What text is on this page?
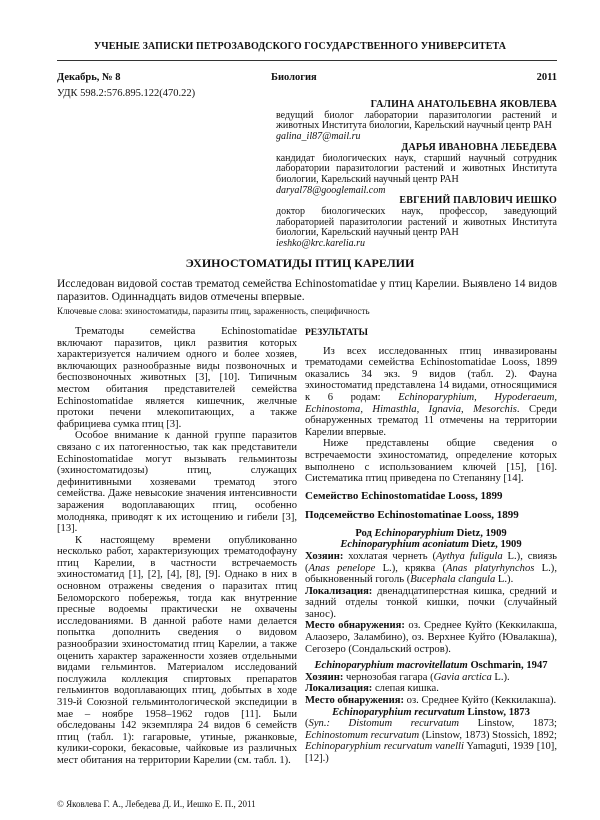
УЧЕНЫЕ ЗАПИСКИ ПЕТРОЗАВОДСКОГО ГОСУДАРСТВЕННОГО УНИВЕРСИТЕТА
Декабрь, № 8	Биология	2011
УДК 598.2:576.895.122(470.22)
ГАЛИНА АНАТОЛЬЕВНА ЯКОВЛЕВА
ведущий биолог лаборатории паразитологии растений и животных Института биологии, Карельский научный центр РАН
galina_il87@mail.ru
ДАРЬЯ ИВАНОВНА ЛЕБЕДЕВА
кандидат биологических наук, старший научный сотрудник лаборатории паразитологии растений и животных Института биологии, Карельский научный центр РАН
daryal78@googlemail.com
ЕВГЕНИЙ ПАВЛОВИЧ ИЕШКО
доктор биологических наук, профессор, заведующий лабораторией паразитологии растений и животных Института биологии, Карельский научный центр РАН
ieshko@krc.karelia.ru
ЭХИНОСТОМАТИДЫ ПТИЦ КАРЕЛИИ
Исследован видовой состав трематод семейства Echinostomatidae у птиц Карелии. Выявлено 14 видов паразитов. Одиннадцать видов отмечены впервые.
Ключевые слова: эхиностоматиды, паразиты птиц, зараженность, специфичность

Трематоды семейства Echinostomatidae включают паразитов, цикл развития которых характеризуется наличием одного и более хозяев, включающих разнообразные виды позвоночных и беспозвоночных животных [3], [10]. Типичным местом обитания представителей семейства Echinostomatidae является кишечник, желчные протоки печени млекопитающих, а также фабрициева сумка птиц [3].

Особое внимание к данной группе паразитов связано с их патогенностью, так как представители Echinostomatidae могут вызывать гельминтозы (эхиностоматидозы) птиц, служащих дефинитивными хозяевами трематод этого семейства. Даже невысокие значения интенсивности заражения водоплавающих птиц, особенно молодняка, приводят к их истощению и гибели [3], [13].

К настоящему времени опубликованно несколько работ, характеризующих трематодофауну птиц Карелии, в частности встречаемость эхиностоматид [1], [2], [4], [8], [9]. Однако в них в основном отражены сведения о паразитах птиц Беломорского побережья, тогда как внутренние пресные водоемы практически не охвачены исследованиями. В данной работе нами делается попытка дополнить сведения о видовом разнообразии эхиностоматид птиц Карелии, а также оценить характер зараженности хозяев отдельными видами гельминтов. Материалом исследований послужила коллекция спиртовых препаратов гельминтов водоплавающих птиц, добытых в ходе 319-й Союзной гельминтологической экспедиции в мае – ноябре 1958–1962 годов [11]. Были обследованы 142 экземпляра 24 видов 6 семейств птиц (табл. 1): гагаровые, утиные, ржанковые, кулики-сороки, бекасовые, чайковые из различных мест обитания на территории Карелии (см. табл. 1).

РЕЗУЛЬТАТЫ

Из всех исследованных птиц инвазированы трематодами семейства Echinostomatidae Looss, 1899 оказались 34 экз. 9 видов (табл. 2). Фауна эхиностоматид представлена 14 видами, относящимися к 6 родам: Echinoparyphium, Hypoderaeum, Echinostoma, Himasthla, Ignavia, Mesorchis. Среди обнаруженных трематод 11 отмечены на территории Карелии впервые.

Ниже представлены общие сведения о встречаемости эхиностоматид, определение которых выполнено с использованием ключей [15], [16]. Систематика птиц приведена по Степаняну [14].

Семейство Echinostomatidae Looss, 1899
Подсемейство Echinostomatinae Looss, 1899
Род Echinoparyphium Dietz, 1909
Echinoparyphium aconiatum Dietz, 1909
Хозяин: хохлатая чернеть (Aythya fuligula L.), свиязь (Anas penelope L.), кряква (Anas platyrhynchos L.), обыкновенный гоголь (Bucephala clangula L.).
Локализация: двенадцатиперстная кишка, средний и задний отделы тонкой кишки, почки (случайный занос).
Место обнаружения: оз. Среднее Куйто (Кеккилакша, Алаозеро, Заламбино), оз. Верхнее Куйто (Ювалакша), Сегозеро (Сондальский остров).
Echinoparyphium macrovitellatum Oschmarin, 1947
Хозяин: чернозобая гагара (Gavia arctica L.).
Локализация: слепая кишка.
Место обнаружения: оз. Среднее Куйто (Кеккилакша).
Echinoparyphium recurvatum Linstow, 1873
(Syn.: Distomum recurvatum Linstow, 1873; Echinostomum recurvatum (Linstow, 1873) Stossich, 1892; Echinoparyphium recurvatum vanelli Yamaguti, 1939 [10], [12].)
© Яковлева Г. А., Лебедева Д. И., Иешко Е. П., 2011
